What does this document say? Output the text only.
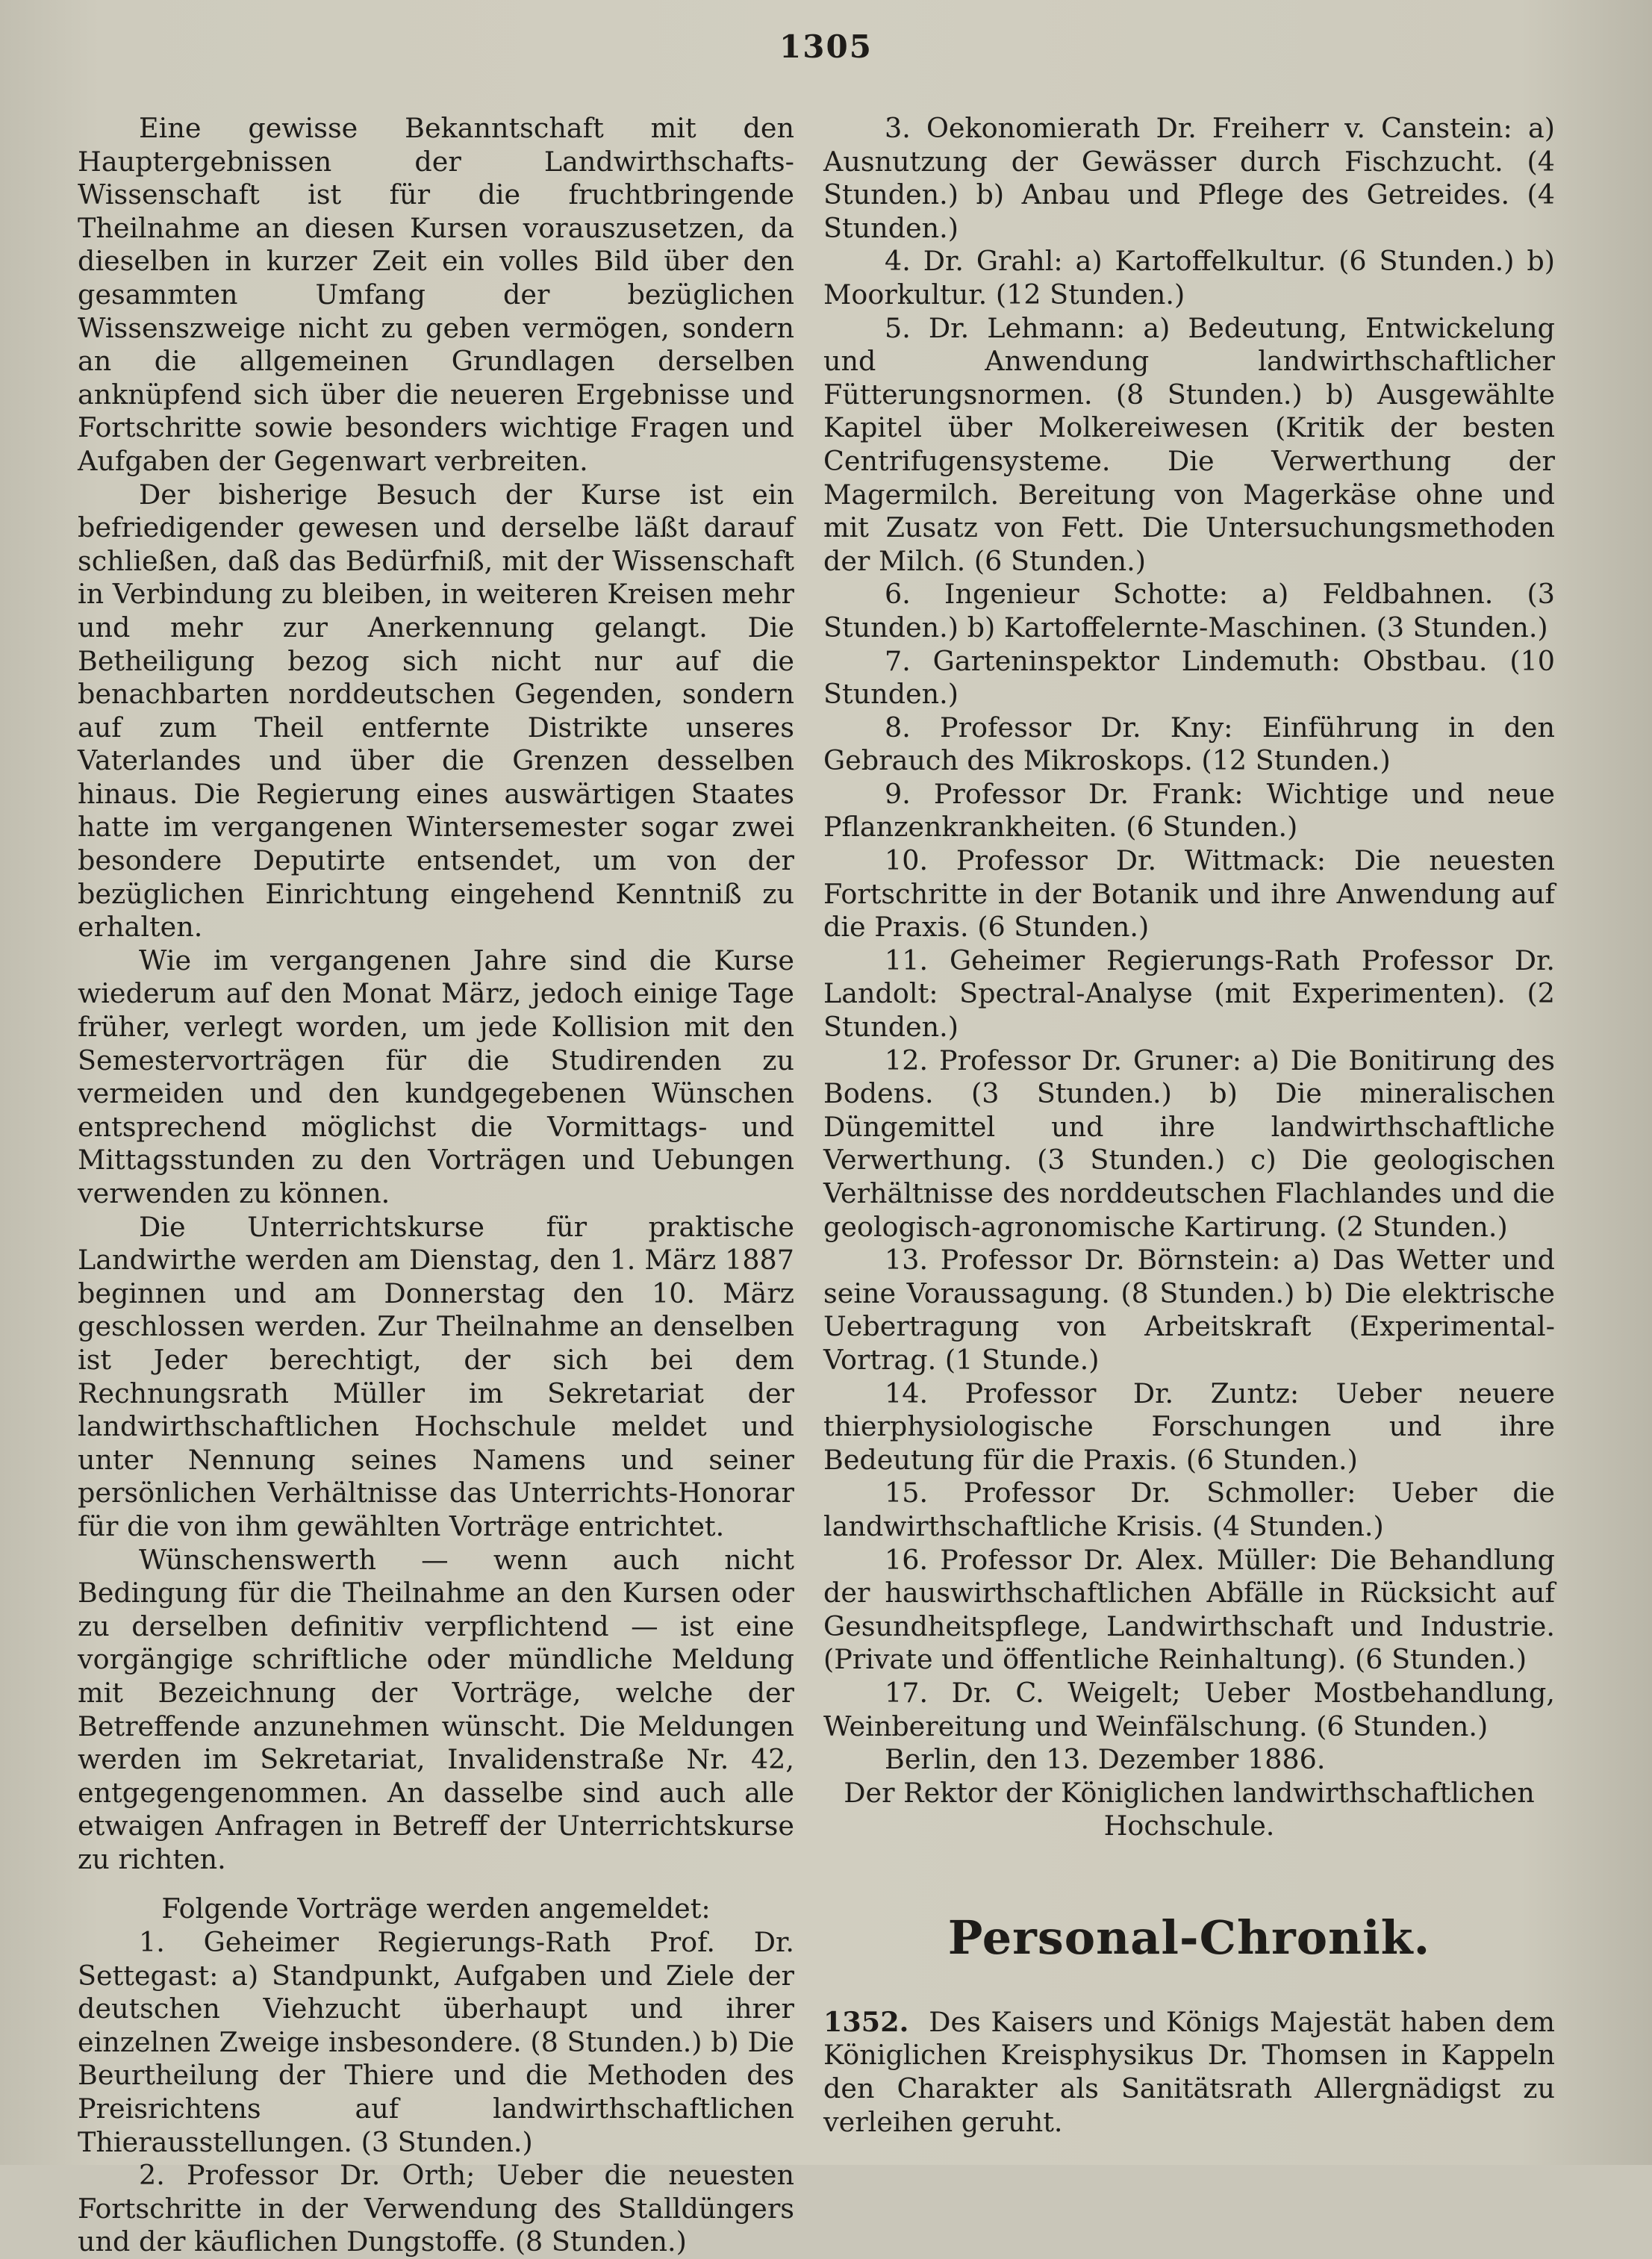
1305

Eine gewisse Bekanntschaft mit den Hauptergebnissen der Landwirthschafts-Wissenschaft ist für die fruchtbringende Theilnahme an diesen Kursen vorauszusetzen, da dieselben in kurzer Zeit ein volles Bild über den gesammten Umfang der bezüglichen Wissenszweige nicht zu geben vermögen, sondern an die allgemeinen Grundlagen derselben anknüpfend sich über die neueren Ergebnisse und Fortschritte sowie besonders wichtige Fragen und Aufgaben der Gegenwart verbreiten.

Der bisherige Besuch der Kurse ist ein befriedigender gewesen und derselbe läßt darauf schließen, daß das Bedürfniß, mit der Wissenschaft in Verbindung zu bleiben, in weiteren Kreisen mehr und mehr zur Anerkennung gelangt. Die Betheiligung bezog sich nicht nur auf die benachbarten norddeutschen Gegenden, sondern auf zum Theil entfernte Distrikte unseres Vaterlandes und über die Grenzen desselben hinaus. Die Regierung eines auswärtigen Staates hatte im vergangenen Wintersemester sogar zwei besondere Deputirte entsendet, um von der bezüglichen Einrichtung eingehend Kenntniß zu erhalten.

Wie im vergangenen Jahre sind die Kurse wiederum auf den Monat März, jedoch einige Tage früher, verlegt worden, um jede Kollision mit den Semestervorträgen für die Studirenden zu vermeiden und den kundgegebenen Wünschen entsprechend möglichst die Vormittags- und Mittagsstunden zu den Vorträgen und Uebungen verwenden zu können.

Die Unterrichtskurse für praktische Landwirthe werden am Dienstag, den 1. März 1887 beginnen und am Donnerstag den 10. März geschlossen werden. Zur Theilnahme an denselben ist Jeder berechtigt, der sich bei dem Rechnungsrath Müller im Sekretariat der landwirthschaftlichen Hochschule meldet und unter Nennung seines Namens und seiner persönlichen Verhältnisse das Unterrichts-Honorar für die von ihm gewählten Vorträge entrichtet.

Wünschenswerth — wenn auch nicht Bedingung für die Theilnahme an den Kursen oder zu derselben definitiv verpflichtend — ist eine vorgängige schriftliche oder mündliche Meldung mit Bezeichnung der Vorträge, welche der Betreffende anzunehmen wünscht. Die Meldungen werden im Sekretariat, Invalidenstraße Nr. 42, entgegengenommen. An dasselbe sind auch alle etwaigen Anfragen in Betreff der Unterrichtskurse zu richten.

Folgende Vorträge werden angemeldet:

1. Geheimer Regierungs-Rath Prof. Dr. Settegast: a) Standpunkt, Aufgaben und Ziele der deutschen Viehzucht überhaupt und ihrer einzelnen Zweige insbesondere. (8 Stunden.) b) Die Beurtheilung der Thiere und die Methoden des Preisrichtens auf landwirthschaftlichen Thierausstellungen. (3 Stunden.)

2. Professor Dr. Orth; Ueber die neuesten Fortschritte in der Verwendung des Stalldüngers und der käuflichen Dungstoffe. (8 Stunden.)

3. Oekonomierath Dr. Freiherr v. Canstein: a) Ausnutzung der Gewässer durch Fischzucht. (4 Stunden.) b) Anbau und Pflege des Getreides. (4 Stunden.)

4. Dr. Grahl: a) Kartoffelkultur. (6 Stunden.) b) Moorkultur. (12 Stunden.)

5. Dr. Lehmann: a) Bedeutung, Entwickelung und Anwendung landwirthschaftlicher Fütterungsnormen. (8 Stunden.) b) Ausgewählte Kapitel über Molkereiwesen (Kritik der besten Centrifugensysteme. Die Verwerthung der Magermilch. Bereitung von Magerkäse ohne und mit Zusatz von Fett. Die Untersuchungsmethoden der Milch. (6 Stunden.)

6. Ingenieur Schotte: a) Feldbahnen. (3 Stunden.) b) Kartoffelernte-Maschinen. (3 Stunden.)

7. Garteninspektor Lindemuth: Obstbau. (10 Stunden.)

8. Professor Dr. Kny: Einführung in den Gebrauch des Mikroskops. (12 Stunden.)

9. Professor Dr. Frank: Wichtige und neue Pflanzenkrankheiten. (6 Stunden.)

10. Professor Dr. Wittmack: Die neuesten Fortschritte in der Botanik und ihre Anwendung auf die Praxis. (6 Stunden.)

11. Geheimer Regierungs-Rath Professor Dr. Landolt: Spectral-Analyse (mit Experimenten). (2 Stunden.)

12. Professor Dr. Gruner: a) Die Bonitirung des Bodens. (3 Stunden.) b) Die mineralischen Düngemittel und ihre landwirthschaftliche Verwerthung. (3 Stunden.) c) Die geologischen Verhältnisse des norddeutschen Flachlandes und die geologisch-agronomische Kartirung. (2 Stunden.)

13. Professor Dr. Börnstein: a) Das Wetter und seine Voraussagung. (8 Stunden.) b) Die elektrische Uebertragung von Arbeitskraft (Experimental-Vortrag. (1 Stunde.)

14. Professor Dr. Zuntz: Ueber neuere thierphysiologische Forschungen und ihre Bedeutung für die Praxis. (6 Stunden.)

15. Professor Dr. Schmoller: Ueber die landwirthschaftliche Krisis. (4 Stunden.)

16. Professor Dr. Alex. Müller: Die Behandlung der hauswirthschaftlichen Abfälle in Rücksicht auf Gesundheitspflege, Landwirthschaft und Industrie. (Private und öffentliche Reinhaltung). (6 Stunden.)

17. Dr. C. Weigelt; Ueber Mostbehandlung, Weinbereitung und Weinfälschung. (6 Stunden.)

Berlin, den 13. Dezember 1886.

Der Rektor der Königlichen landwirthschaftlichen Hochschule.

Personal-Chronik.

1352. Des Kaisers und Königs Majestät haben dem Königlichen Kreisphysikus Dr. Thomsen in Kappeln den Charakter als Sanitätsrath Allergnädigst zu verleihen geruht.
